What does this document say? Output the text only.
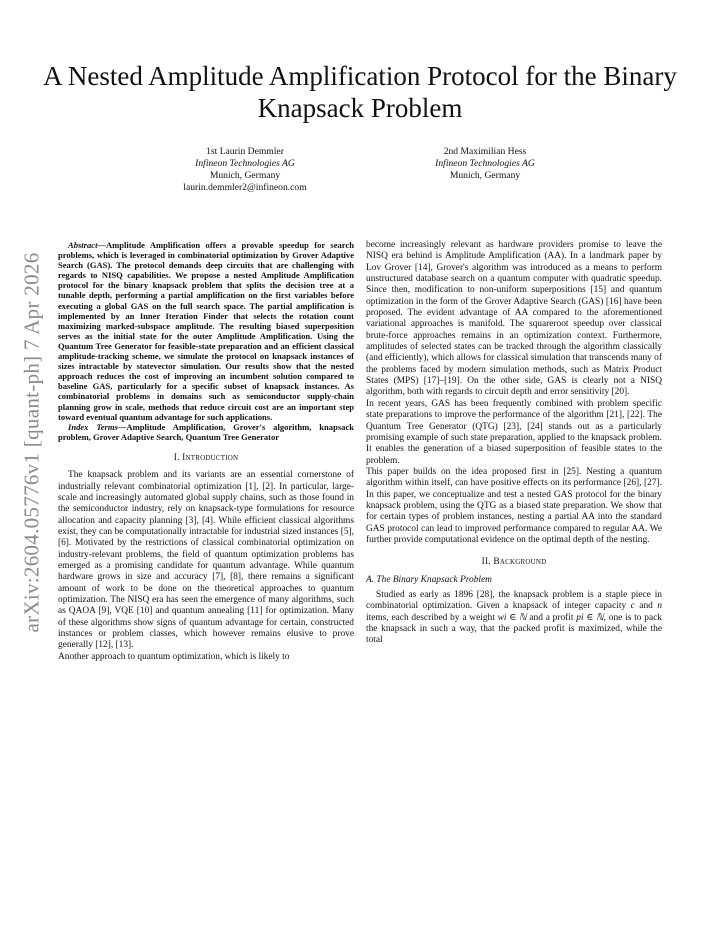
A Nested Amplitude Amplification Protocol for the Binary Knapsack Problem
1st Laurin Demmler
Infineon Technologies AG
Munich, Germany
laurin.demmler2@infineon.com
2nd Maximilian Hess
Infineon Technologies AG
Munich, Germany
arXiv:2604.05776v1 [quant-ph] 7 Apr 2026

Abstract—Amplitude Amplification offers a provable speedup for search problems, which is leveraged in combinatorial optimization by Grover Adaptive Search (GAS). The protocol demands deep circuits that are challenging with regards to NISQ capabilities. We propose a nested Amplitude Amplification protocol for the binary knapsack problem that splits the decision tree at a tunable depth, performing a partial amplification on the first variables before executing a global GAS on the full search space. The partial amplification is implemented by an Inner Iteration Finder that selects the rotation count maximizing marked-subspace amplitude. The resulting biased superposition serves as the initial state for the outer Amplitude Amplification. Using the Quantum Tree Generator for feasible-state preparation and an efficient classical amplitude-tracking scheme, we simulate the protocol on knapsack instances of sizes intractable by statevector simulation. Our results show that the nested approach reduces the cost of improving an incumbent solution compared to baseline GAS, particularly for a specific subset of knapsack instances. As combinatorial problems in domains such as semiconductor supply-chain planning grow in scale, methods that reduce circuit cost are an important step toward eventual quantum advantage for such applications.

Index Terms—Amplitude Amplification, Grover's algorithm, knapsack problem, Grover Adaptive Search, Quantum Tree Generator

I. Introduction

The knapsack problem and its variants are an essential cornerstone of industrially relevant combinatorial optimization [1], [2]. In particular, large-scale and increasingly automated global supply chains, such as those found in the semiconductor industry, rely on knapsack-type formulations for resource allocation and capacity planning [3], [4]. While efficient classical algorithms exist, they can be computationally intractable for industrial sized instances [5], [6]. Motivated by the restrictions of classical combinatorial optimization on industry-relevant problems, the field of quantum optimization problems has emerged as a promising candidate for quantum advantage. While quantum hardware grows in size and accuracy [7], [8], there remains a significant amount of work to be done on the theoretical approaches to quantum optimization. The NISQ era has seen the emergence of many algorithms, such as QAOA [9], VQE [10] and quantum annealing [11] for optimization. Many of these algorithms show signs of quantum advantage for certain, constructed instances or problem classes, which however remains elusive to prove generally [12], [13].

Another approach to quantum optimization, which is likely to

become increasingly relevant as hardware providers promise to leave the NISQ era behind is Amplitude Amplification (AA). In a landmark paper by Lov Grover [14], Grover's algorithm was introduced as a means to perform unstructured database search on a quantum computer with quadratic speedup. Since then, modification to non-uniform superpositions [15] and quantum optimization in the form of the Grover Adaptive Search (GAS) [16] have been proposed. The evident advantage of AA compared to the aforementioned variational approaches is manifold. The squareroot speedup over classical brute-force approaches remains in an optimization context. Furthermore, amplitudes of selected states can be tracked through the algorithm classically (and efficiently), which allows for classical simulation that transcends many of the problems faced by modern simulation methods, such as Matrix Product States (MPS) [17]–[19]. On the other side, GAS is clearly not a NISQ algorithm, both with regards to circuit depth and error sensitivity [20].

In recent years, GAS has been frequently combined with problem specific state preparations to improve the performance of the algorithm [21], [22]. The Quantum Tree Generator (QTG) [23], [24] stands out as a particularly promising example of such state preparation, applied to the knapsack problem. It enables the generation of a biased superposition of feasible states to the problem.

This paper builds on the idea proposed first in [25]. Nesting a quantum algorithm within itself, can have positive effects on its performance [26], [27]. In this paper, we conceptualize and test a nested GAS protocol for the binary knapsack problem, using the QTG as a biased state preparation. We show that for certain types of problem instances, nesting a partial AA into the standard GAS protocol can lead to improved performance compared to regular AA. We further provide computational evidence on the optimal depth of the nesting.

II. Background
A. The Binary Knapsack Problem

Studied as early as 1896 [28], the knapsack problem is a staple piece in combinatorial optimization. Given a knapsack of integer capacity c and n items, each described by a weight wi ∈ ℕ and a profit pi ∈ ℕ, one is to pack the knapsack in such a way, that the packed profit is maximized, while the total
